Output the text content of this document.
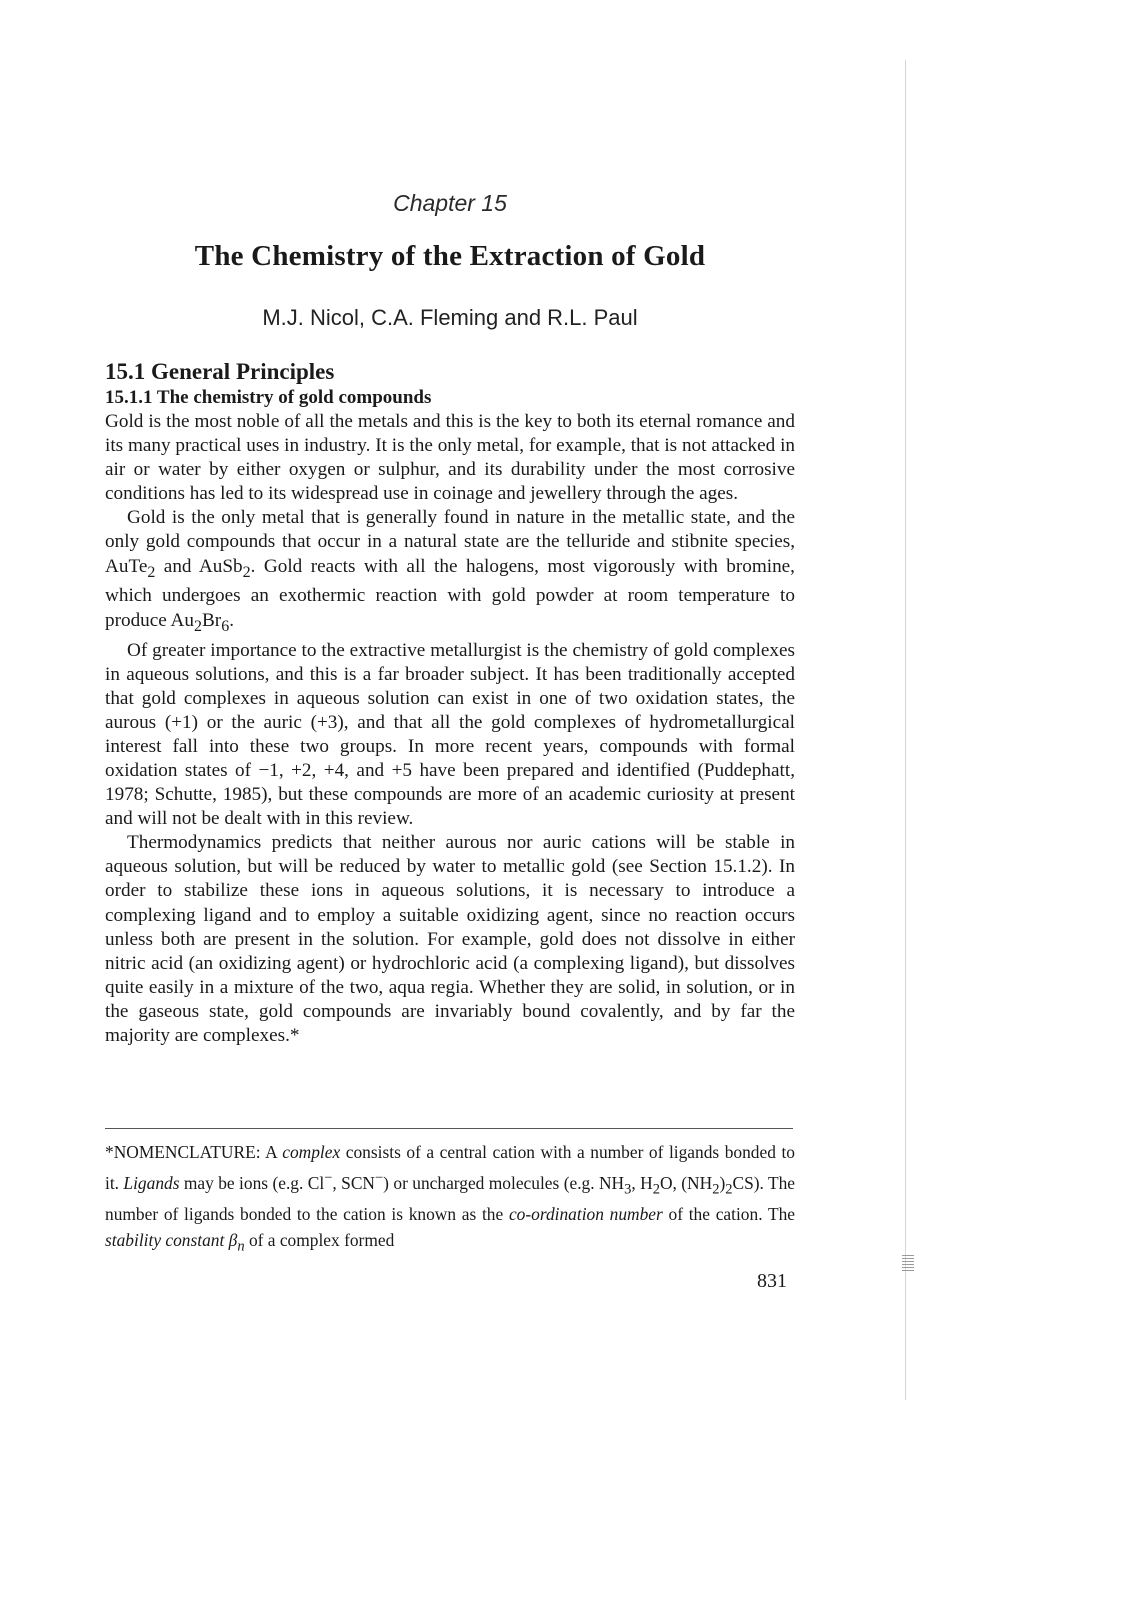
Chapter 15
The Chemistry of the Extraction of Gold
M.J. Nicol, C.A. Fleming and R.L. Paul
15.1 General Principles
15.1.1 The chemistry of gold compounds

Gold is the most noble of all the metals and this is the key to both its eternal romance and its many practical uses in industry. It is the only metal, for example, that is not attacked in air or water by either oxygen or sulphur, and its durability under the most corrosive conditions has led to its widespread use in coinage and jewellery through the ages.

Gold is the only metal that is generally found in nature in the metallic state, and the only gold compounds that occur in a natural state are the telluride and stibnite species, AuTe$_2$ and AuSb$_2$. Gold reacts with all the halogens, most vigorously with bromine, which undergoes an exothermic reaction with gold powder at room temperature to produce $Au_2Br_6$.

Of greater importance to the extractive metallurgist is the chemistry of gold complexes in aqueous solutions, and this is a far broader subject. It has been traditionally accepted that gold complexes in aqueous solution can exist in one of two oxidation states, the aurous (+1) or the auric (+3), and that all the gold complexes of hydrometallurgical interest fall into these two groups. In more recent years, compounds with formal oxidation states of −1, +2, +4, and +5 have been prepared and identified (Puddephatt, 1978; Schutte, 1985), but these compounds are more of an academic curiosity at present and will not be dealt with in this review.

Thermodynamics predicts that neither aurous nor auric cations will be stable in aqueous solution, but will be reduced by water to metallic gold (see Section 15.1.2). In order to stabilize these ions in aqueous solutions, it is necessary to introduce a complexing ligand and to employ a suitable oxidizing agent, since no reaction occurs unless both are present in the solution. For example, gold does not dissolve in either nitric acid (an oxidizing agent) or hydrochloric acid (a complexing ligand), but dissolves quite easily in a mixture of the two, aqua regia. Whether they are solid, in solution, or in the gaseous state, gold compounds are invariably bound covalently, and by far the majority are complexes.*

*NOMENCLATURE: A complex consists of a central cation with a number of ligands bonded to it. Ligands may be ions (e.g. Cl−, SCN−) or uncharged molecules (e.g. $NH_3$, $H_2O$, $(NH_2)_2CS$). The number of ligands bonded to the cation is known as the co-ordination number of the cation. The stability constant $\beta_n$ of a complex formed

831
